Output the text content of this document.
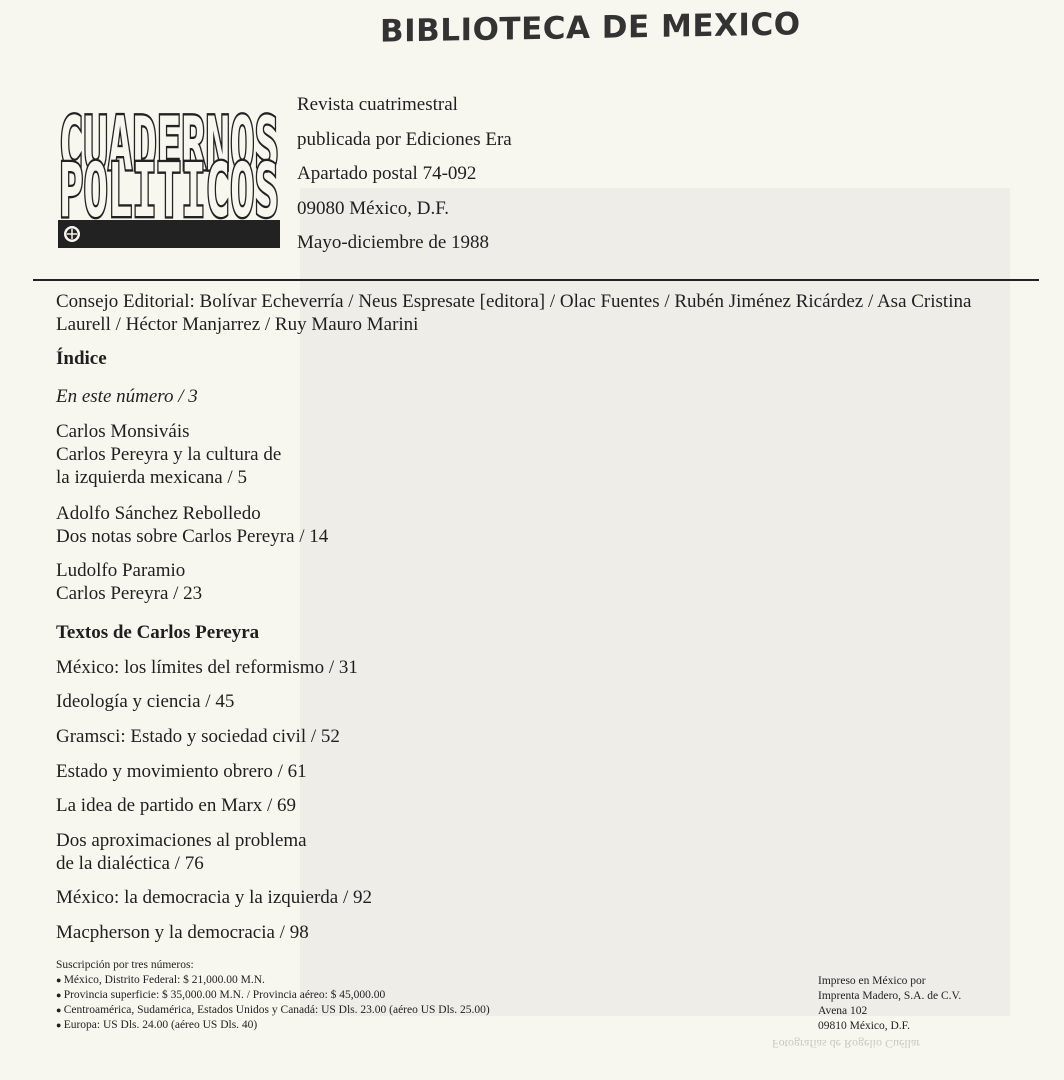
BIBLIOTECA DE MEXICO
CUADERNOS
POLITICOS
Revista cuatrimestral
publicada por Ediciones Era
Apartado postal 74-092
09080 México, D.F.
Mayo-diciembre de 1988
Consejo Editorial: Bolívar Echeverría / Neus Espresate [editora] / Olac Fuentes / Rubén Jiménez Ricárdez / Asa Cristina Laurell / Héctor Manjarrez / Ruy Mauro Marini
Índice
En este número / 3
Carlos Monsiváis
Carlos Pereyra y la cultura de
la izquierda mexicana / 5
Adolfo Sánchez Rebolledo
Dos notas sobre Carlos Pereyra / 14
Ludolfo Paramio
Carlos Pereyra / 23
Textos de Carlos Pereyra
México: los límites del reformismo / 31
Ideología y ciencia / 45
Gramsci: Estado y sociedad civil / 52
Estado y movimiento obrero / 61
La idea de partido en Marx / 69
Dos aproximaciones al problema
de la dialéctica / 76
México: la democracia y la izquierda / 92
Macpherson y la democracia / 98
Suscripción por tres números:
● México, Distrito Federal: $ 21,000.00 M.N.
● Provincia superficie: $ 35,000.00 M.N. / Provincia aéreo: $ 45,000.00
● Centroamérica, Sudamérica, Estados Unidos y Canadá: US Dls. 23.00 (aéreo US Dls. 25.00)
● Europa: US Dls. 24.00 (aéreo US Dls. 40)
Impreso en México por
Imprenta Madero, S.A. de C.V.
Avena 102
09810 México, D.F.
Fotografías de Rogelio Cuéllar
